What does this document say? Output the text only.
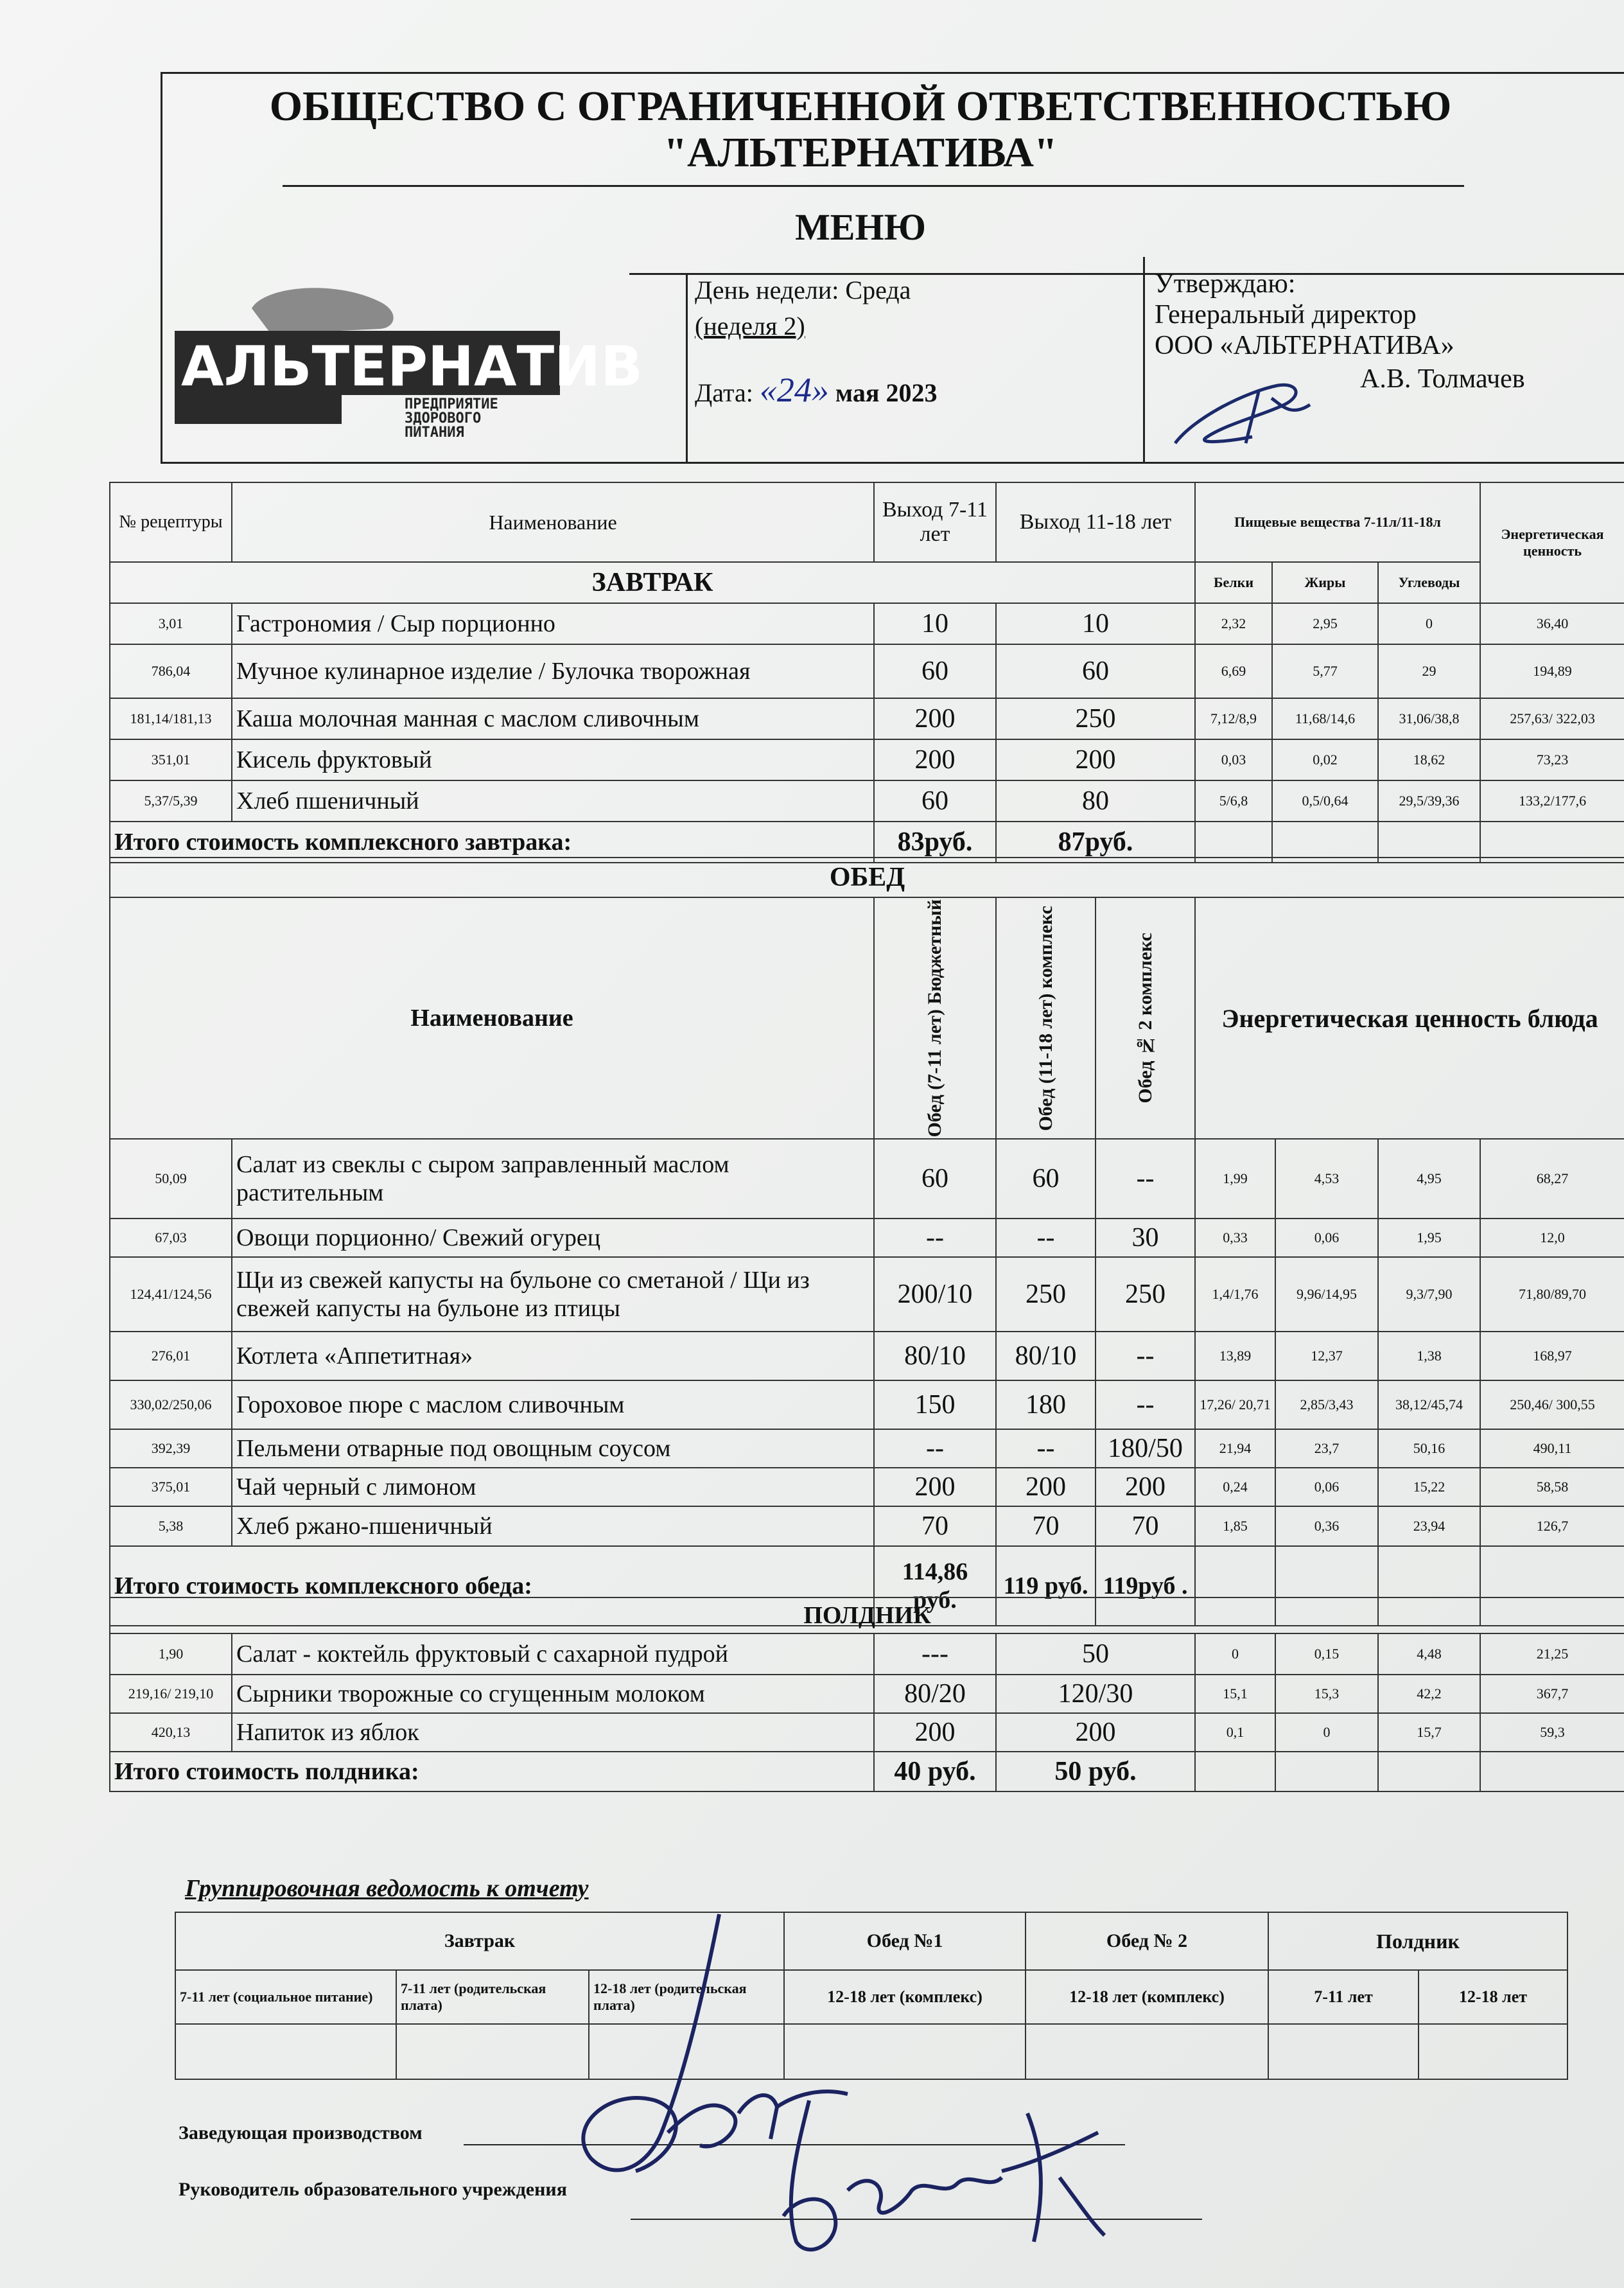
ОБЩЕСТВО С ОГРАНИЧЕННОЙ ОТВЕТСТВЕННОСТЬЮ
"АЛЬТЕРНАТИВА"
МЕНЮ
АЛЬТЕРНАТИВА
ПРЕДПРИЯТИЕ
ЗДОРОВОГО
ПИТАНИЯ
День недели: Среда
(неделя 2)
Дата: «24» мая 2023
Утверждаю:
Генеральный директор
ООО «АЛЬТЕРНАТИВА»
А.В. Толмачев
№ рецептуры	Наименование	Выход 7-11 лет	Выход 11-18 лет	Пищевые вещества 7-11л/11-18л			Энергетическая ценность

ЗАВТРАК				Белки	Жиры	Углеводы	
3,01	Гастрономия / Сыр порционно	10	10	2,32	2,95	0	36,40
786,04	Мучное кулинарное изделие / Булочка творожная	60	60	6,69	5,77	29	194,89
181,14/181,13	Каша молочная манная с маслом сливочным	200	250	7,12/8,9	11,68/14,6	31,06/38,8	257,63/ 322,03
351,01	Кисель фруктовый	200	200	0,03	0,02	18,62	73,23
5,37/5,39	Хлеб пшеничный	60	80	5/6,8	0,5/0,64	29,5/39,36	133,2/177,6
Итого стоимость комплексного завтрака:		83руб.	87руб.				
ОБЕД								
Наименование		Обед (7-11 лет) Бюджетный	Обед (11-18 лет) комплекс	Обед № 2 комплекс	Энергетическая ценность блюда			
50,09	Салат из свеклы с сыром заправленный маслом растительным	60	60	--	1,99	4,53	4,95	68,27
67,03	Овощи порционно/ Свежий огурец	--	--	30	0,33	0,06	1,95	12,0
124,41/124,56	Щи из свежей капусты на бульоне со сметаной / Щи из свежей капусты на бульоне из птицы	200/10	250	250	1,4/1,76	9,96/14,95	9,3/7,90	71,80/89,70
276,01	Котлета «Аппетитная»	80/10	80/10	--	13,89	12,37	1,38	168,97
330,02/250,06	Гороховое пюре с маслом сливочным	150	180	--	17,26/ 20,71	2,85/3,43	38,12/45,74	250,46/ 300,55
392,39	Пельмени отварные под овощным соусом	--	--	180/50	21,94	23,7	50,16	490,11
375,01	Чай черный с лимоном	200	200	200	0,24	0,06	15,22	58,58
5,38	Хлеб ржано-пшеничный	70	70	70	1,85	0,36	23,94	126,7
Итого стоимость комплексного обеда:		114,86 руб.	119 руб.	119руб .				
ПОЛДНИК							
1,90	Салат - коктейль фруктовый с сахарной пудрой	---	50	0	0,15	4,48	21,25
219,16/ 219,10	Сырники творожные со сгущенным молоком	80/20	120/30	15,1	15,3	42,2	367,7
420,13	Напиток из яблок	200	200	0,1	0	15,7	59,3
Итого стоимость полдника:		40 руб.	50 руб.				
Группировочная ведомость к отчету
Завтрак			Обед №1	Обед № 2	Полдник	
7-11 лет (социальное питание)	7-11 лет (родительская плата)	12-18 лет (родительская плата)	12-18 лет (комплекс)	12-18 лет (комплекс)	7-11 лет	12-18 лет

Заведующая производством
Руководитель образовательного учреждения
